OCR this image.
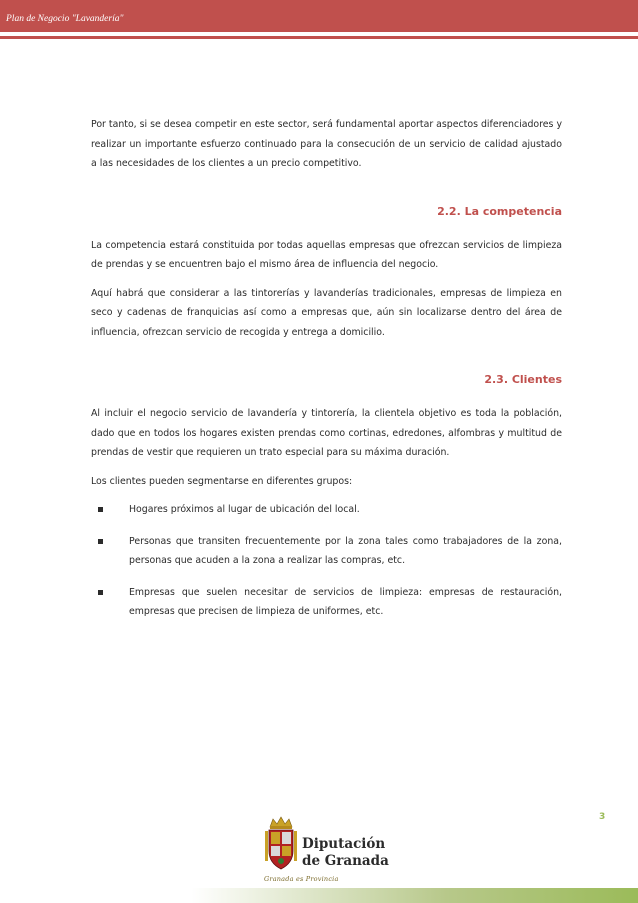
Plan de Negocio "Lavandería"

Por tanto, si se desea competir en este sector, será fundamental aportar aspectos diferenciadores y realizar un importante esfuerzo continuado para la consecución de un servicio de calidad ajustado a las necesidades de los clientes a un precio competitivo.

2.2. La competencia

La competencia estará constituida por todas aquellas empresas que ofrezcan servicios de limpieza de prendas y se encuentren bajo el mismo área de influencia del negocio.

Aquí habrá que considerar a las tintorerías y lavanderías tradicionales, empresas de limpieza en seco y cadenas de franquicias así como a empresas que, aún sin localizarse dentro del área de influencia, ofrezcan servicio de recogida y entrega a domicilio.

2.3. Clientes

Al incluir el negocio servicio de lavandería y tintorería, la clientela objetivo es toda la población, dado que en todos los hogares existen prendas como cortinas, edredones, alfombras y multitud de prendas de vestir que requieren un trato especial para su máxima duración.

Los clientes pueden segmentarse en diferentes grupos:

Hogares próximos al lugar de ubicación del local.
Personas que transiten frecuentemente por la zona tales como trabajadores de la zona, personas que acuden a la zona a realizar las compras, etc.
Empresas que suelen necesitar de servicios de limpieza: empresas de restauración, empresas que precisen de limpieza de uniformes, etc.
3
Diputación
de Granada
Granada es Provincia
